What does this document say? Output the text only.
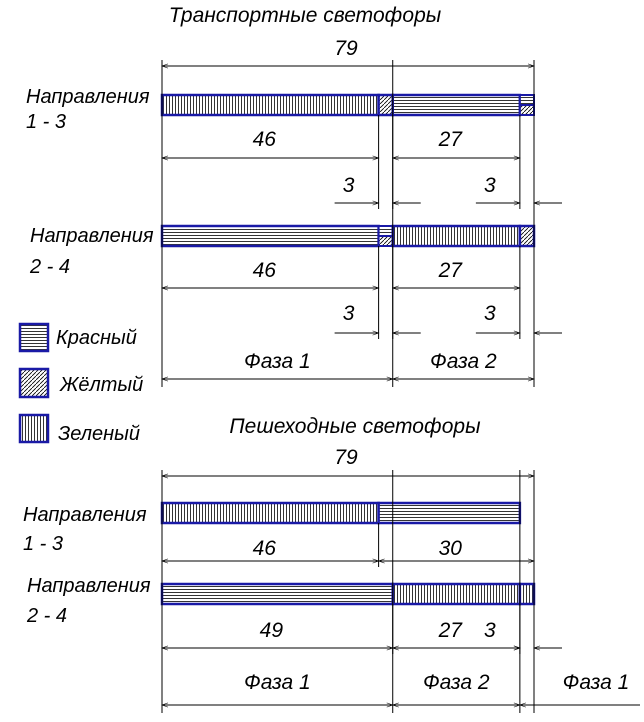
Транспортные светофоры
79
Направления
1 - 3
46	27
3	3
Направления
2 - 4	46	27
3	3
Фаза 1	Фаза 2
Красный
Жёлтый
Зеленый	Пешеходные светофоры
79
Направления
1 - 3	46	30
Направления
2 - 4
49	27 3
Фаза 1	Фаза 2	Фаза 1
